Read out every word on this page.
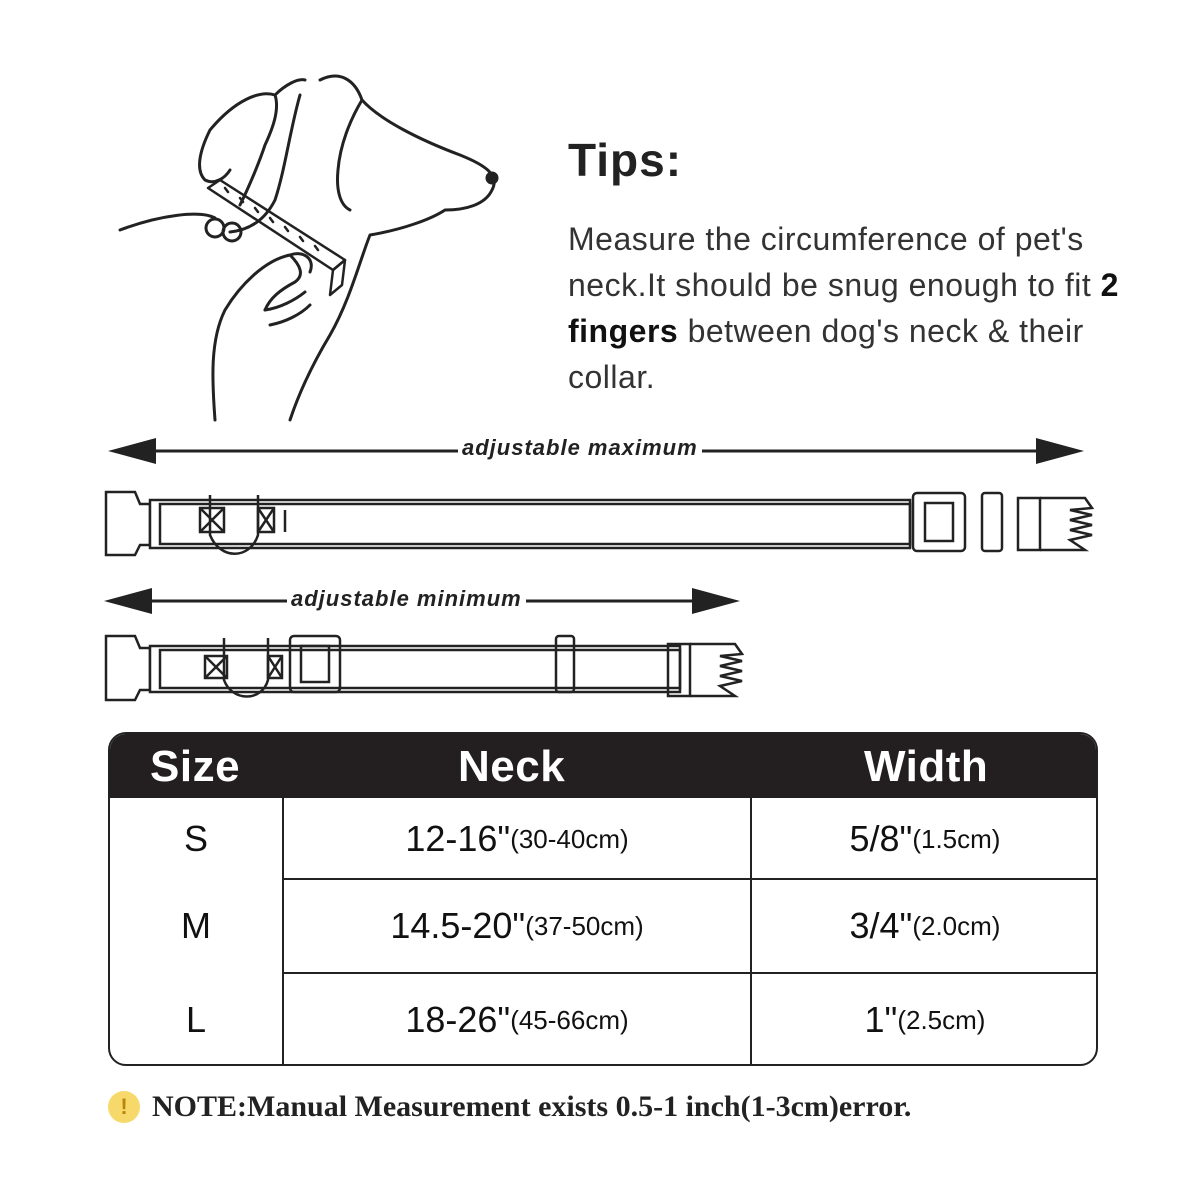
Tips:
Measure the circumference of pet's neck.It should be snug enough to fit 2 fingers between dog's neck & their collar.
adjustable maximum
adjustable minimum
Size	Neck	Width
S	12-16" (30-40cm)	5/8" (1.5cm)
M	14.5-20" (37-50cm)	3/4" (2.0cm)
L	18-26" (45-66cm)	1" (2.5cm)
! NOTE:Manual Measurement exists 0.5-1 inch(1-3cm)error.
